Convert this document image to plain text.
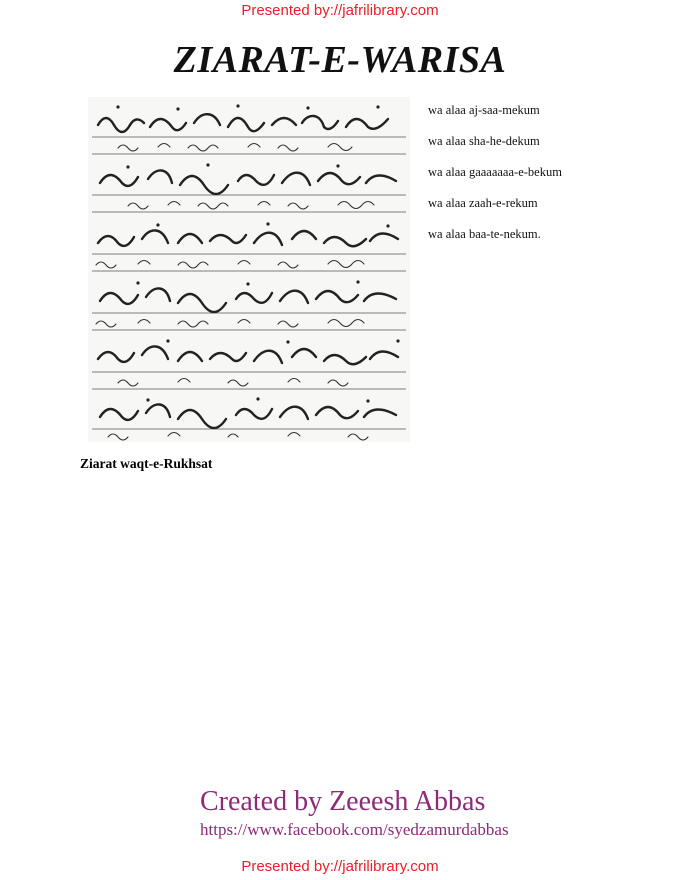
Presented by://jafrilibrary.com
ZIARAT-E-WARISA
wa alaa aj-saa-mekum
wa alaa sha-he-dekum
wa alaa gaaaaaaa-e-bekum
wa alaa zaah-e-rekum
wa alaa baa-te-nekum.
Ziarat waqt-e-Rukhsat
Created by Zeeesh Abbas
https://www.facebook.com/syedzamurdabbas
Presented by://jafrilibrary.com
